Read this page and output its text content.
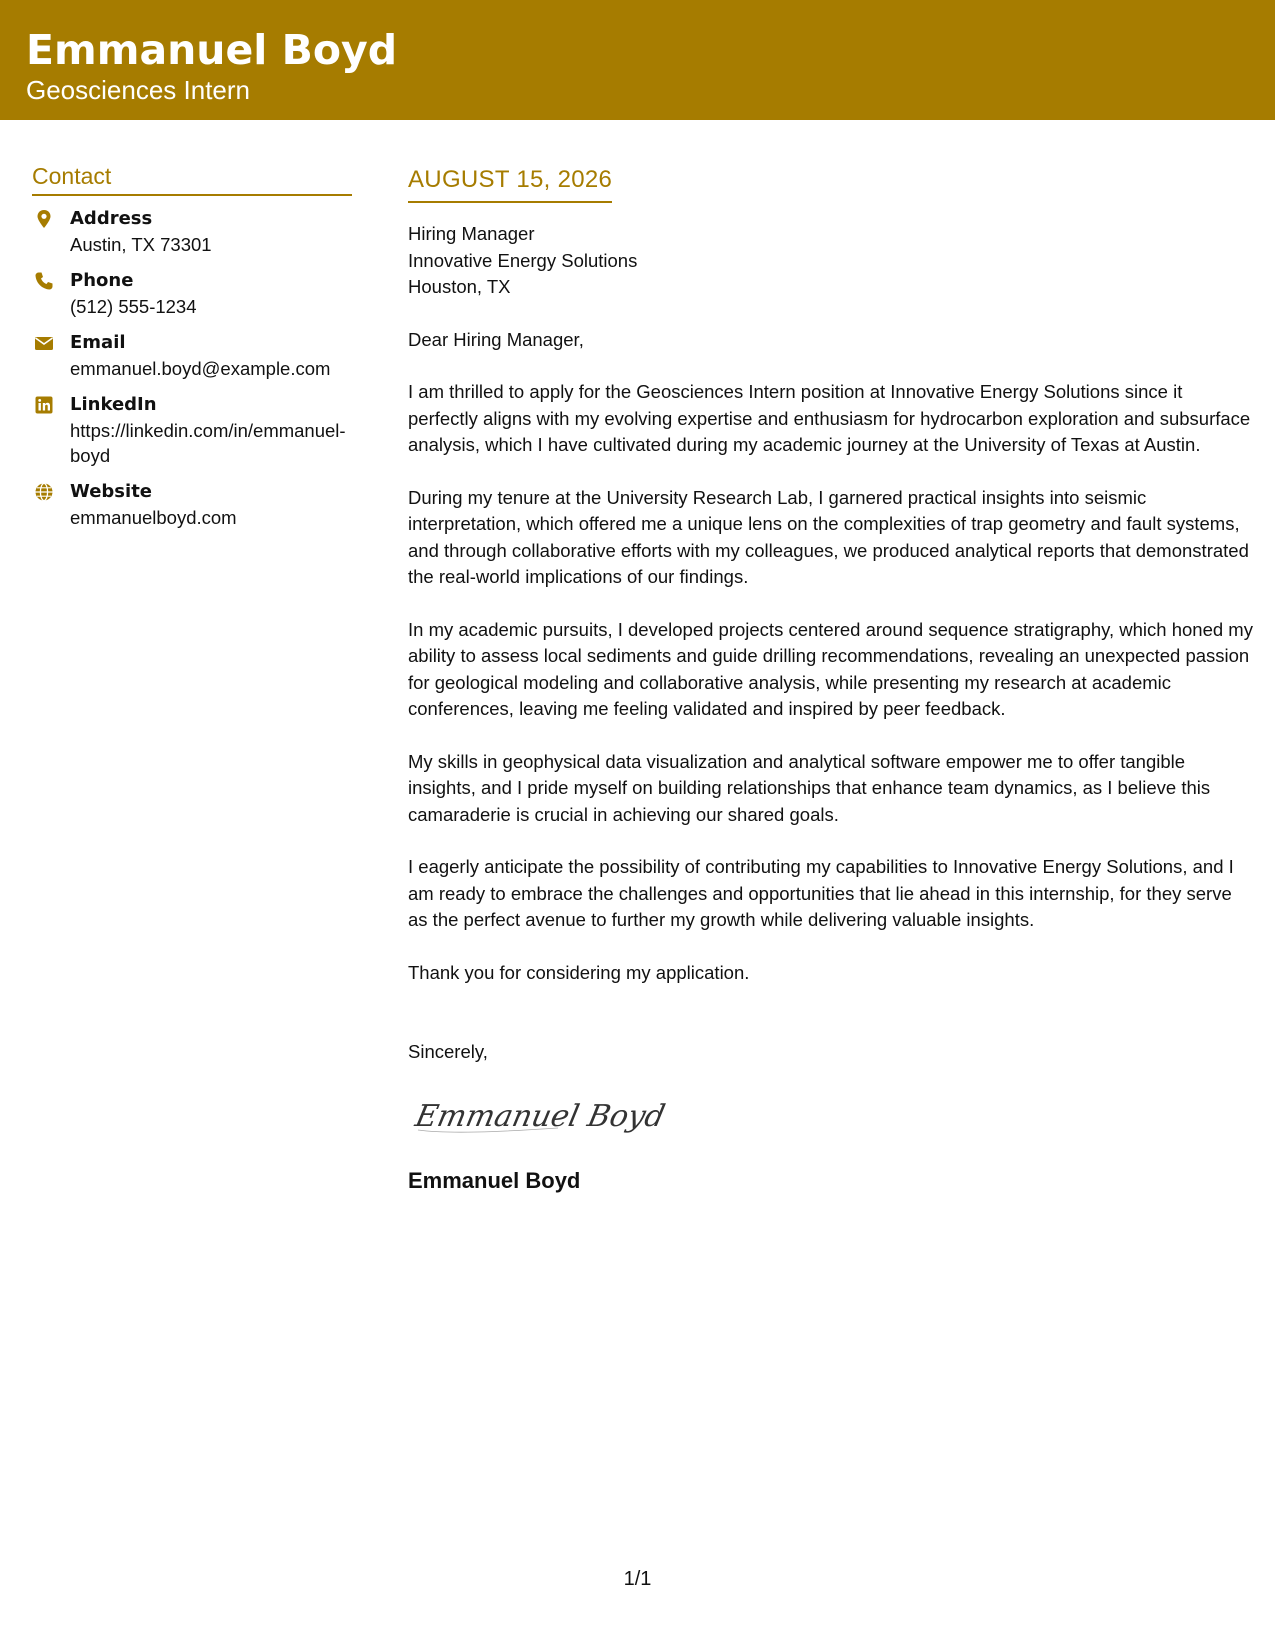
Emmanuel Boyd
Geosciences Intern
Contact
Address
Austin, TX 73301
Phone
(512) 555-1234
Email
emmanuel.boyd@example.com
LinkedIn
https://linkedin.com/in/emmanuel-boyd
Website
emmanuelboyd.com
AUGUST 15, 2026
Hiring Manager
Innovative Energy Solutions
Houston, TX
Dear Hiring Manager,
I am thrilled to apply for the Geosciences Intern position at Innovative Energy Solutions since it perfectly aligns with my evolving expertise and enthusiasm for hydrocarbon exploration and subsurface analysis, which I have cultivated during my academic journey at the University of Texas at Austin.
During my tenure at the University Research Lab, I garnered practical insights into seismic interpretation, which offered me a unique lens on the complexities of trap geometry and fault systems, and through collaborative efforts with my colleagues, we produced analytical reports that demonstrated the real-world implications of our findings.
In my academic pursuits, I developed projects centered around sequence stratigraphy, which honed my ability to assess local sediments and guide drilling recommendations, revealing an unexpected passion for geological modeling and collaborative analysis, while presenting my research at academic conferences, leaving me feeling validated and inspired by peer feedback.
My skills in geophysical data visualization and analytical software empower me to offer tangible insights, and I pride myself on building relationships that enhance team dynamics, as I believe this camaraderie is crucial in achieving our shared goals.
I eagerly anticipate the possibility of contributing my capabilities to Innovative Energy Solutions, and I am ready to embrace the challenges and opportunities that lie ahead in this internship, for they serve as the perfect avenue to further my growth while delivering valuable insights.
Thank you for considering my application.
Sincerely,
Emmanuel Boyd
Emmanuel Boyd
1/1
